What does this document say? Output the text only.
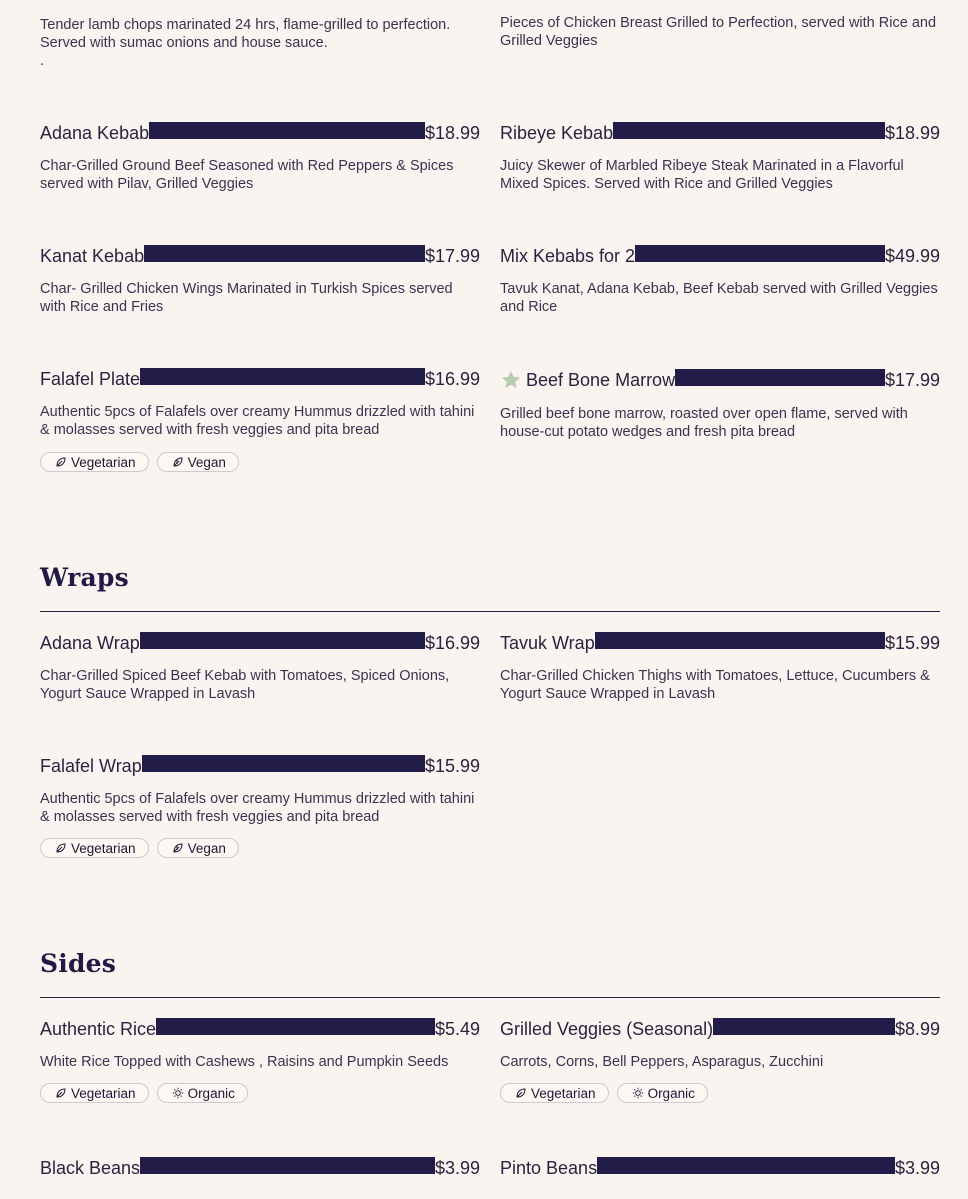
Tender lamb chops marinated 24 hrs, flame-grilled to perfection. Served with sumac onions and house sauce.

.

Pieces of Chicken Breast Grilled to Perfection, served with Rice and Grilled Veggies

Adana Kebab	$18.99

Char-Grilled Ground Beef Seasoned with Red Peppers & Spices served with Pilav, Grilled Veggies

Ribeye Kebab	$18.99

Juicy Skewer of Marbled Ribeye Steak Marinated in a Flavorful Mixed Spices. Served with Rice and Grilled Veggies

Kanat Kebab	$17.99

Char- Grilled Chicken Wings Marinated in Turkish Spices served with Rice and Fries

Mix Kebabs for 2	$49.99

Tavuk Kanat, Adana Kebab, Beef Kebab served with Grilled Veggies and Rice

Falafel Plate	$16.99

Authentic 5pcs of Falafels over creamy Hummus drizzled with tahini & molasses served with fresh veggies and pita bread

Vegetarian	Vegan
Beef Bone Marrow	$17.99

Grilled beef bone marrow, roasted over open flame, served with house-cut potato wedges and fresh pita bread

Wraps
Adana Wrap	$16.99

Char-Grilled Spiced Beef Kebab with Tomatoes, Spiced Onions, Yogurt Sauce Wrapped in Lavash

Tavuk Wrap	$15.99

Char-Grilled Chicken Thighs with Tomatoes, Lettuce, Cucumbers & Yogurt Sauce Wrapped in Lavash

Falafel Wrap	$15.99

Authentic 5pcs of Falafels over creamy Hummus drizzled with tahini & molasses served with fresh veggies and pita bread

Vegetarian	Vegan
Sides
Authentic Rice	$5.49

White Rice Topped with Cashews , Raisins and Pumpkin Seeds

Vegetarian	Organic
Grilled Veggies (Seasonal)	$8.99

Carrots, Corns, Bell Peppers, Asparagus, Zucchini

Vegetarian	Organic
Black Beans	$3.99 Pinto Beans	$3.99
